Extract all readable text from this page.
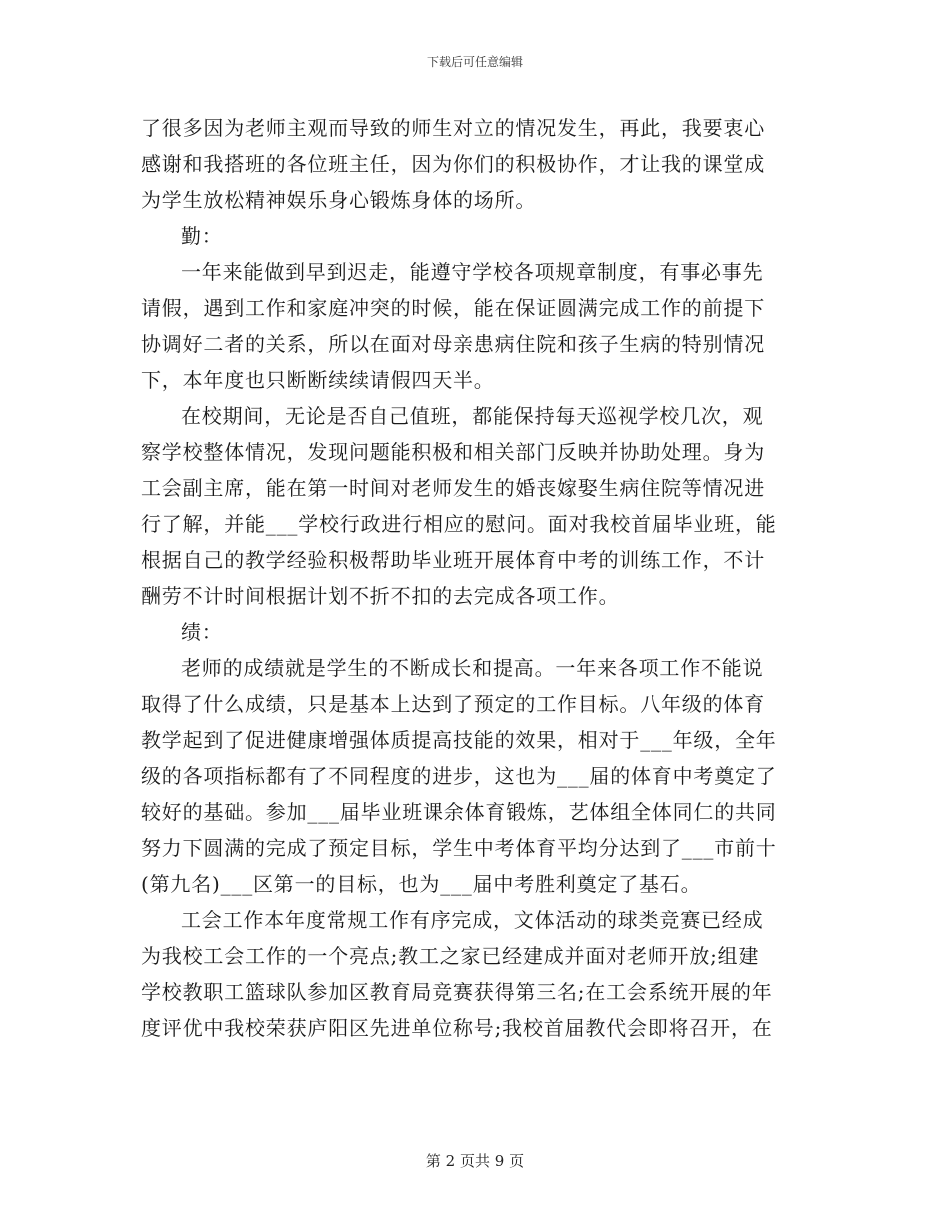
下载后可任意编辑

了很多因为老师主观而导致的师生对立的情况发生，再此，我要衷心

感谢和我搭班的各位班主任，因为你们的积极协作，才让我的课堂成

为学生放松精神娱乐身心锻炼身体的场所。

勤：

一年来能做到早到迟走，能遵守学校各项规章制度，有事必事先

请假，遇到工作和家庭冲突的时候，能在保证圆满完成工作的前提下

协调好二者的关系，所以在面对母亲患病住院和孩子生病的特别情况

下，本年度也只断断续续请假四天半。

在校期间，无论是否自己值班，都能保持每天巡视学校几次，观

察学校整体情况，发现问题能积极和相关部门反映并协助处理。身为

工会副主席，能在第一时间对老师发生的婚丧嫁娶生病住院等情况进

行了解，并能___学校行政进行相应的慰问。面对我校首届毕业班，能

根据自己的教学经验积极帮助毕业班开展体育中考的训练工作，不计

酬劳不计时间根据计划不折不扣的去完成各项工作。

绩：

老师的成绩就是学生的不断成长和提高。一年来各项工作不能说

取得了什么成绩，只是基本上达到了预定的工作目标。八年级的体育

教学起到了促进健康增强体质提高技能的效果，相对于___年级，全年

级的各项指标都有了不同程度的进步，这也为___届的体育中考奠定了

较好的基础。参加___届毕业班课余体育锻炼，艺体组全体同仁的共同

努力下圆满的完成了预定目标，学生中考体育平均分达到了___市前十

(第九名)___区第一的目标，也为___届中考胜利奠定了基石。

工会工作本年度常规工作有序完成，文体活动的球类竞赛已经成

为我校工会工作的一个亮点;教工之家已经建成并面对老师开放;组建

学校教职工篮球队参加区教育局竞赛获得第三名;在工会系统开展的年

度评优中我校荣获庐阳区先进单位称号;我校首届教代会即将召开，在

第 2 页共 9 页
